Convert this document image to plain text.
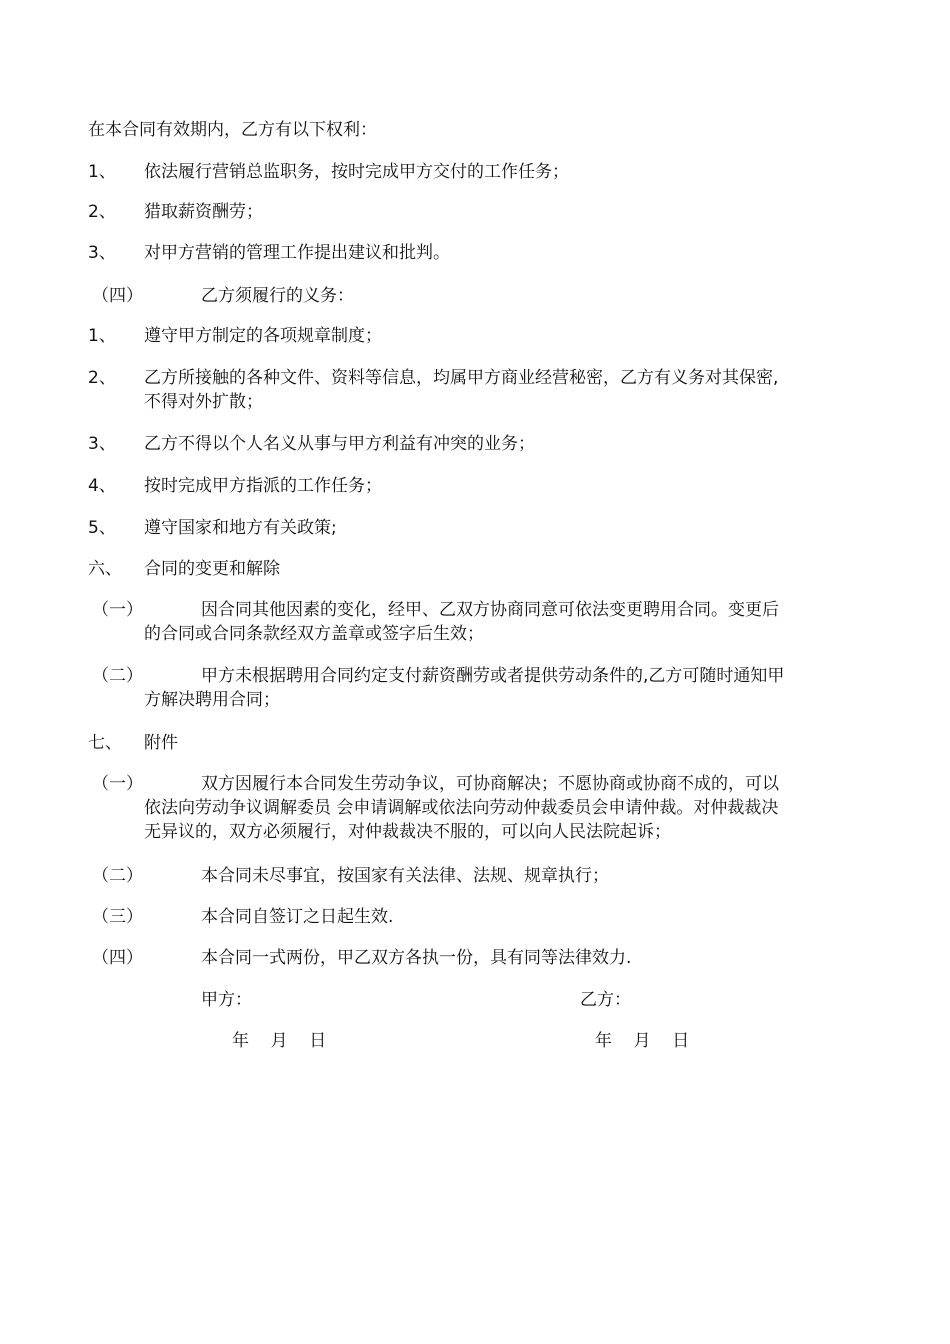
在本合同有效期内，乙方有以下权利：
1、 依法履行营销总监职务，按时完成甲方交付的工作任务；
2、 猎取薪资酬劳；
3、 对甲方营销的管理工作提出建议和批判。
（四）	乙方须履行的义务：
1、 遵守甲方制定的各项规章制度；
2、 乙方所接触的各种文件、资料等信息，均属甲方商业经营秘密，乙方有义务对其保密,
不得对外扩散；
3、 乙方不得以个人名义从事与甲方利益有冲突的业务；
4、 按时完成甲方指派的工作任务；
5、 遵守国家和地方有关政策;
六、 合同的变更和解除
（一）	因合同其他因素的变化，经甲、乙双方协商同意可依法变更聘用合同。变更后
的合同或合同条款经双方盖章或签字后生效；
（二）	甲方未根据聘用合同约定支付薪资酬劳或者提供劳动条件的,乙方可随时通知甲
方解决聘用合同；
七、 附件
（一）	双方因履行本合同发生劳动争议，可协商解决；不愿协商或协商不成的，可以
依法向劳动争议调解委员 会申请调解或依法向劳动仲裁委员会申请仲裁。对仲裁裁决
无异议的，双方必须履行，对仲裁裁决不服的，可以向人民法院起诉；
（二）	本合同未尽事宜，按国家有关法律、法规、规章执行；
（三）	本合同自签订之日起生效.
（四）	本合同一式两份，甲乙双方各执一份，具有同等法律效力.
甲方：	乙方：
年    月    日	年    月    日
